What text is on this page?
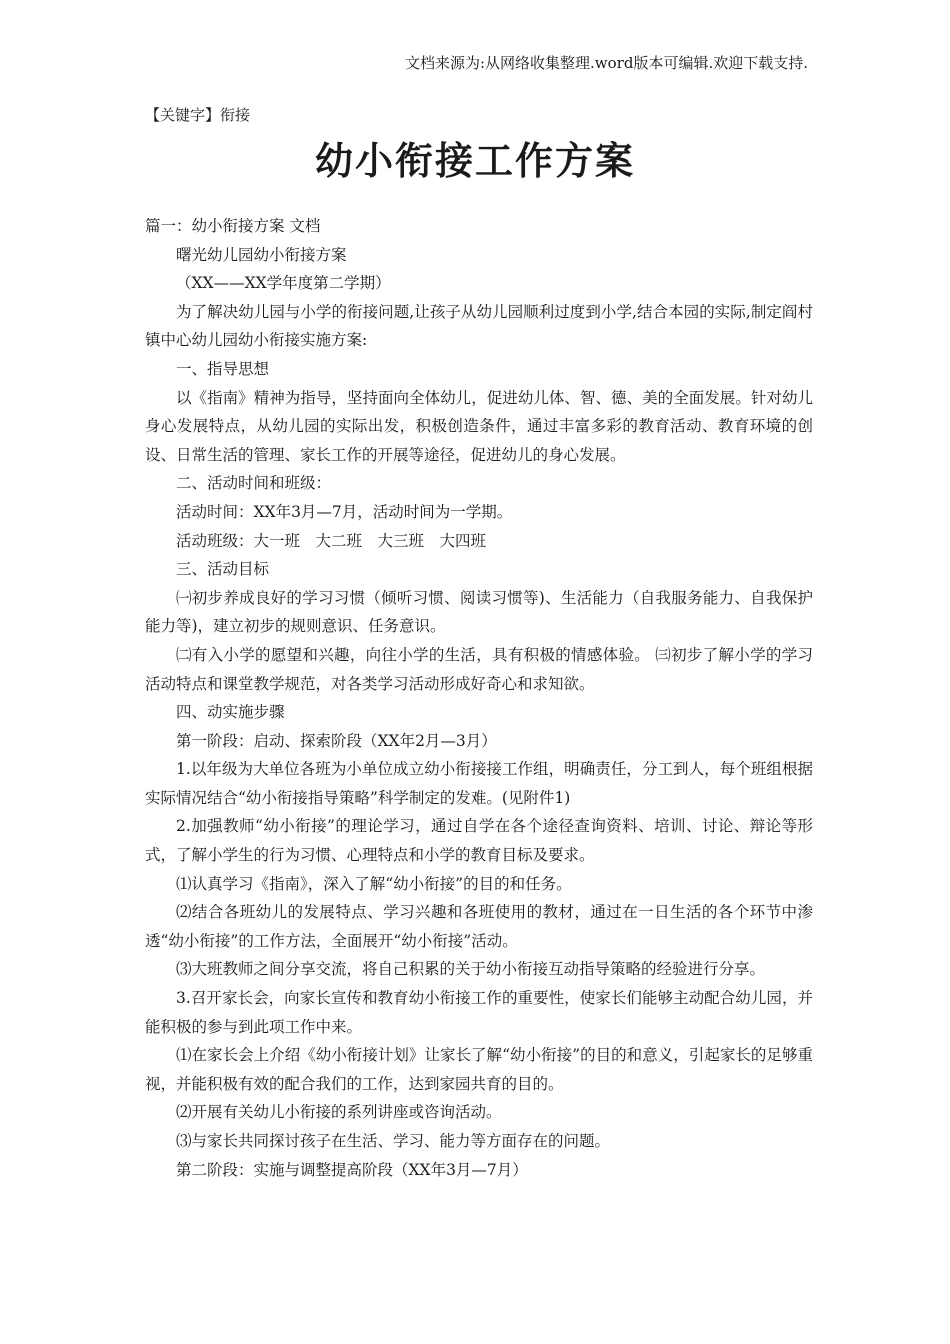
文档来源为:从网络收集整理.word版本可编辑.欢迎下载支持.
【关键字】衔接
幼小衔接工作方案

篇一：幼小衔接方案 文档

曙光幼儿园幼小衔接方案

（XX——XX学年度第二学期）

为了解决幼儿园与小学的衔接问题,让孩子从幼儿园顺利过度到小学,结合本园的实际,制定阎村镇中心幼儿园幼小衔接实施方案:

一、指导思想

以《指南》精神为指导，坚持面向全体幼儿，促进幼儿体、智、德、美的全面发展。针对幼儿身心发展特点，从幼儿园的实际出发，积极创造条件，通过丰富多彩的教育活动、教育环境的创设、日常生活的管理、家长工作的开展等途径，促进幼儿的身心发展。

二、活动时间和班级：

活动时间：XX年3月—7月，活动时间为一学期。

活动班级：大一班　大二班　大三班　大四班

三、活动目标

㈠初步养成良好的学习习惯（倾听习惯、阅读习惯等)、生活能力（自我服务能力、自我保护能力等)，建立初步的规则意识、任务意识。

㈡有入小学的愿望和兴趣，向往小学的生活，具有积极的情感体验。 ㈢初步了解小学的学习活动特点和课堂教学规范，对各类学习活动形成好奇心和求知欲。

四、动实施步骤

第一阶段：启动、探索阶段（XX年2月—3月）

1.以年级为大单位各班为小单位成立幼小衔接接工作组，明确责任，分工到人，每个班组根据实际情况结合“幼小衔接指导策略”科学制定的发难。(见附件1)

2.加强教师“幼小衔接”的理论学习，通过自学在各个途径查询资料、培训、讨论、辩论等形式，了解小学生的行为习惯、心理特点和小学的教育目标及要求。

⑴认真学习《指南》，深入了解“幼小衔接”的目的和任务。

⑵结合各班幼儿的发展特点、学习兴趣和各班使用的教材，通过在一日生活的各个环节中渗透“幼小衔接”的工作方法，全面展开“幼小衔接”活动。

⑶大班教师之间分享交流，将自己积累的关于幼小衔接互动指导策略的经验进行分享。

3.召开家长会，向家长宣传和教育幼小衔接工作的重要性，使家长们能够主动配合幼儿园，并能积极的参与到此项工作中来。

⑴在家长会上介绍《幼小衔接计划》让家长了解“幼小衔接”的目的和意义，引起家长的足够重视，并能积极有效的配合我们的工作，达到家园共育的目的。

⑵开展有关幼儿小衔接的系列讲座或咨询活动。

⑶与家长共同探讨孩子在生活、学习、能力等方面存在的问题。

第二阶段：实施与调整提高阶段（XX年3月—7月）
